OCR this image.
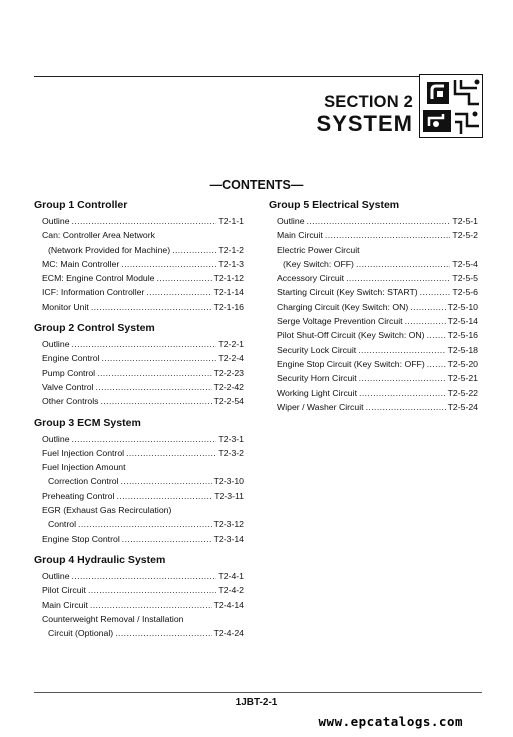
SECTION 2
SYSTEM
—CONTENTS—
Group 1 Controller
Outline .....	T2-1-1
Can: Controller Area Network
(Network Provided for Machine) .....	T2-1-2
MC: Main Controller .....	T2-1-3
ECM: Engine Control Module .....	T2-1-12
ICF: Information Controller .....	T2-1-14
Monitor Unit .....	T2-1-16
Group 2 Control System
Outline .....	T2-2-1
Engine Control .....	T2-2-4
Pump Control .....	T2-2-23
Valve Control .....	T2-2-42
Other Controls .....	T2-2-54
Group 3 ECM System
Outline .....	T2-3-1
Fuel Injection Control .....	T2-3-2
Fuel Injection Amount
Correction Control .....	T2-3-10
Preheating Control .....	T2-3-11
EGR (Exhaust Gas Recirculation)
Control .....	T2-3-12
Engine Stop Control .....	T2-3-14
Group 4 Hydraulic System
Outline .....	T2-4-1
Pilot Circuit .....	T2-4-2
Main Circuit .....	T2-4-14
Counterweight Removal / Installation
Circuit (Optional) .....	T2-4-24
Group 5 Electrical System
Outline .....	T2-5-1
Main Circuit .....	T2-5-2
Electric Power Circuit
(Key Switch: OFF) .....	T2-5-4
Accessory Circuit .....	T2-5-5
Starting Circuit (Key Switch: START) .....	T2-5-6
Charging Circuit (Key Switch: ON) .....	T2-5-10
Serge Voltage Prevention Circuit .....	T2-5-14
Pilot Shut-Off Circuit (Key Switch: ON) .....	T2-5-16
Security Lock Circuit .....	T2-5-18
Engine Stop Circuit (Key Switch: OFF) .....	T2-5-20
Security Horn Circuit .....	T2-5-21
Working Light Circuit .....	T2-5-22
Wiper / Washer Circuit .....	T2-5-24
1JBT-2-1
www.epcatalogs.com
